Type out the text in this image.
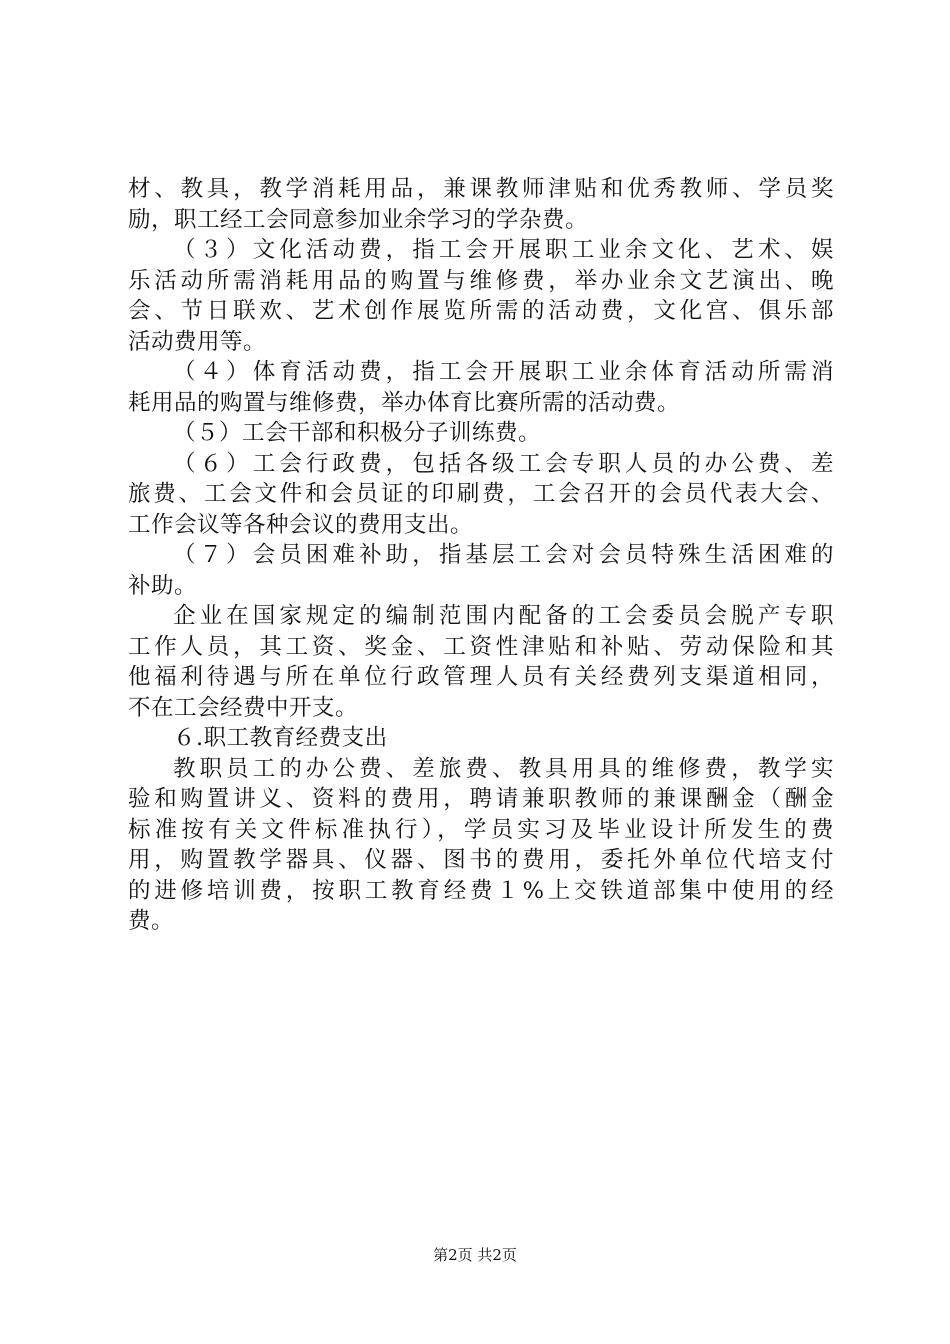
材、教具，教学消耗用品，兼课教师津贴和优秀教师、学员奖
励，职工经工会同意参加业余学习的学杂费。
（３）文化活动费，指工会开展职工业余文化、艺术、娱
乐活动所需消耗用品的购置与维修费，举办业余文艺演出、晚
会、节日联欢、艺术创作展览所需的活动费，文化宫、俱乐部
活动费用等。
（４）体育活动费，指工会开展职工业余体育活动所需消
耗用品的购置与维修费，举办体育比赛所需的活动费。
（５）工会干部和积极分子训练费。
（６）工会行政费，包括各级工会专职人员的办公费、差
旅费、工会文件和会员证的印刷费，工会召开的会员代表大会、
工作会议等各种会议的费用支出。
（７）会员困难补助，指基层工会对会员特殊生活困难的
补助。
企业在国家规定的编制范围内配备的工会委员会脱产专职
工作人员，其工资、奖金、工资性津贴和补贴、劳动保险和其
他福利待遇与所在单位行政管理人员有关经费列支渠道相同，
不在工会经费中开支。
６.职工教育经费支出
教职员工的办公费、差旅费、教具用具的维修费，教学实
验和购置讲义、资料的费用，聘请兼职教师的兼课酬金（酬金
标准按有关文件标准执行），学员实习及毕业设计所发生的费
用，购置教学器具、仪器、图书的费用，委托外单位代培支付
的进修培训费，按职工教育经费１%上交铁道部集中使用的经
费。
第2页 共2页
